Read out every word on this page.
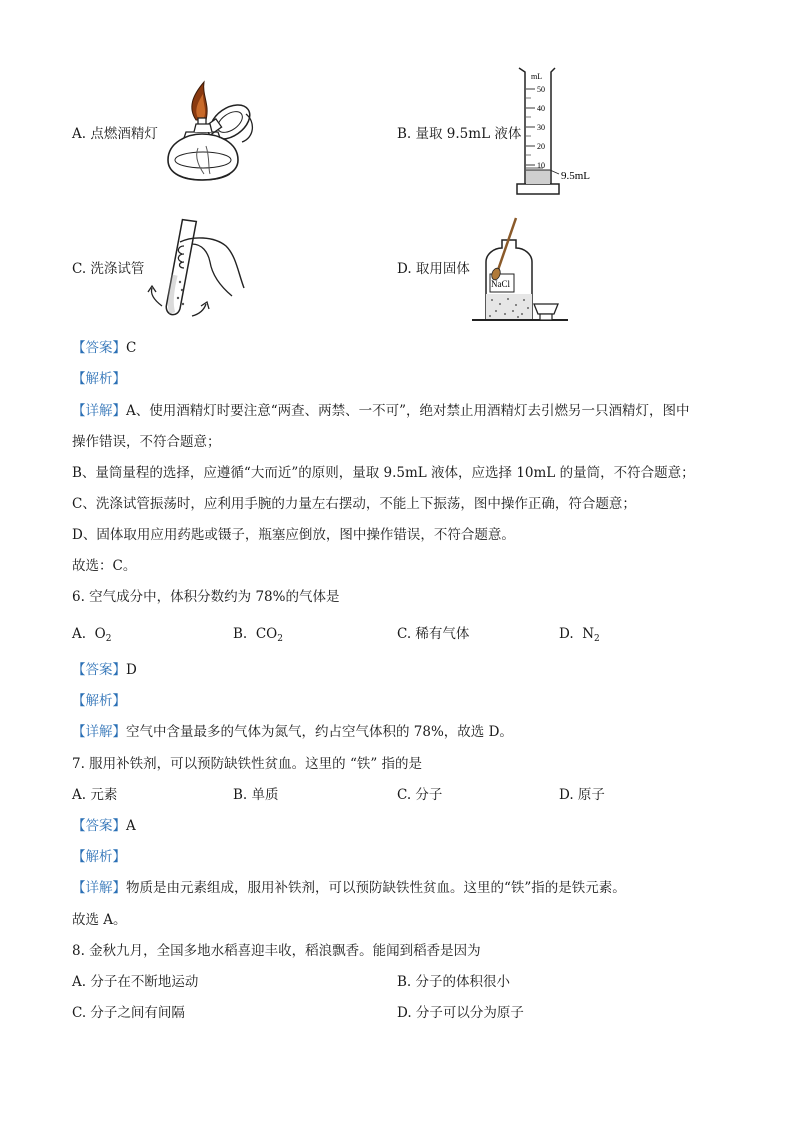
A. 点燃酒精灯	B. 量取 9.5mL 液体
mL
50
40
30
20
10
9.5mL
C. 洗涤试管	D. 取用固体
NaCl
【答案】C
【解析】
【详解】A、使用酒精灯时要注意“两查、两禁、一不可”，绝对禁止用酒精灯去引燃另一只酒精灯，图中
操作错误，不符合题意；
B、量筒量程的选择，应遵循“大而近”的原则，量取 9.5mL 液体，应选择 10mL 的量筒，不符合题意；
C、洗涤试管振荡时，应利用手腕的力量左右摆动，不能上下振荡，图中操作正确，符合题意；
D、固体取用应用药匙或镊子，瓶塞应倒放，图中操作错误，不符合题意。
故选：C。
6. 空气成分中，体积分数约为 78%的气体是
A. $O_2$	B. $CO_2$	C. 稀有气体	D. $N_2$
【答案】D
【解析】
【详解】空气中含量最多的气体为氮气，约占空气体积的 78%，故选 D。
7. 服用补铁剂，可以预防缺铁性贫血。这里的 “铁” 指的是
A. 元素	B. 单质	C. 分子	D. 原子
【答案】A
【解析】
【详解】物质是由元素组成，服用补铁剂，可以预防缺铁性贫血。这里的“铁”指的是铁元素。
故选 A。
8. 金秋九月，全国多地水稻喜迎丰收，稻浪飘香。能闻到稻香是因为
A. 分子在不断地运动	B. 分子的体积很小
C. 分子之间有间隔	D. 分子可以分为原子
